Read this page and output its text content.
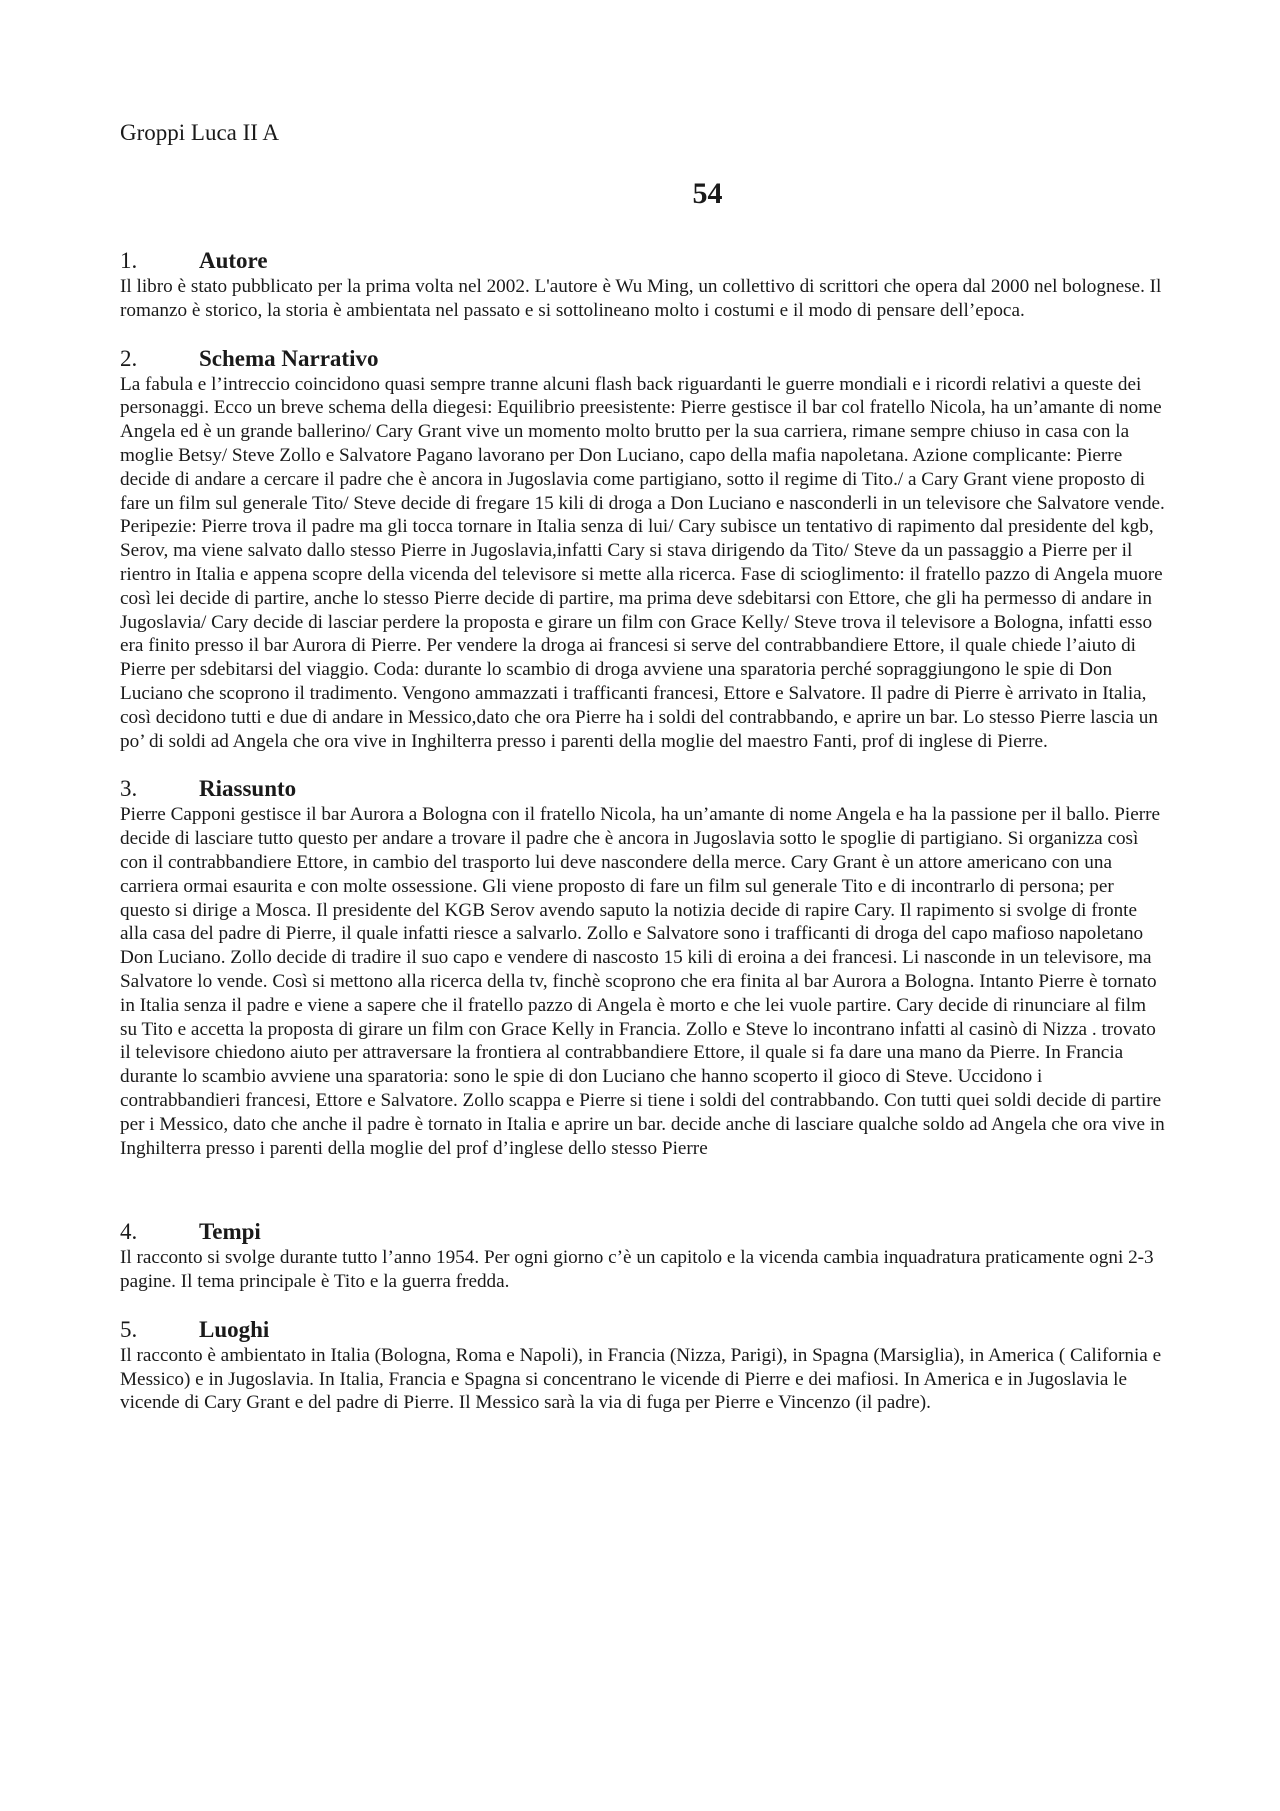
Groppi Luca II A

54

1.	Autore

Il libro è stato pubblicato per la prima volta nel 2002. L'autore è Wu Ming, un collettivo di scrittori che opera dal 2000 nel bolognese. Il romanzo è storico, la storia è ambientata nel passato e si sottolineano molto i costumi e il modo di pensare dell’epoca.

2.	Schema Narrativo

La fabula e l’intreccio coincidono quasi sempre tranne alcuni flash back riguardanti le guerre mondiali e i ricordi relativi a queste dei personaggi. Ecco un breve schema della diegesi: Equilibrio preesistente: Pierre gestisce il bar col fratello Nicola, ha un’amante di nome Angela ed è un grande ballerino/ Cary Grant vive un momento molto brutto per la sua carriera, rimane sempre chiuso in casa con la moglie Betsy/ Steve Zollo e Salvatore Pagano lavorano per Don Luciano, capo della mafia napoletana. Azione complicante: Pierre decide di andare a cercare il padre che è ancora in Jugoslavia come partigiano, sotto il regime di Tito./ a Cary Grant viene proposto di fare un film sul generale Tito/ Steve decide di fregare 15 kili di droga a Don Luciano e nasconderli in un televisore che Salvatore vende. Peripezie: Pierre trova il padre ma gli tocca tornare in Italia senza di lui/ Cary subisce un tentativo di rapimento dal presidente del kgb, Serov, ma viene salvato dallo stesso Pierre in Jugoslavia,infatti Cary si stava dirigendo da Tito/ Steve da un passaggio a Pierre per il rientro in Italia e appena scopre della vicenda del televisore si mette alla ricerca. Fase di scioglimento: il fratello pazzo di Angela muore così lei decide di partire, anche lo stesso Pierre decide di partire, ma prima deve sdebitarsi con Ettore, che gli ha permesso di andare in Jugoslavia/ Cary decide di lasciar perdere la proposta e girare un film con Grace Kelly/ Steve trova il televisore a Bologna, infatti esso era finito presso il bar Aurora di Pierre. Per vendere la droga ai francesi si serve del contrabbandiere Ettore, il quale chiede l’aiuto di Pierre per sdebitarsi del viaggio. Coda: durante lo scambio di droga avviene una sparatoria perché sopraggiungono le spie di Don Luciano che scoprono il tradimento. Vengono ammazzati i trafficanti francesi, Ettore e Salvatore. Il padre di Pierre è arrivato in Italia, così decidono tutti e due di andare in Messico,dato che ora Pierre ha i soldi del contrabbando, e aprire un bar. Lo stesso Pierre lascia un po’ di soldi ad Angela che ora vive in Inghilterra presso i parenti della moglie del maestro Fanti, prof di inglese di Pierre.

3.	Riassunto

Pierre Capponi gestisce il bar Aurora a Bologna con il fratello Nicola, ha un’amante di nome Angela e ha la passione per il ballo. Pierre decide di lasciare tutto questo per andare a trovare il padre che è ancora in Jugoslavia sotto le spoglie di partigiano. Si organizza così con il contrabbandiere Ettore, in cambio del trasporto lui deve nascondere della merce. Cary Grant è un attore americano con una carriera ormai esaurita e con molte ossessione. Gli viene proposto di fare un film sul generale Tito e di incontrarlo di persona; per questo si dirige a Mosca. Il presidente del KGB Serov avendo saputo la notizia decide di rapire Cary. Il rapimento si svolge di fronte alla casa del padre di Pierre, il quale infatti riesce a salvarlo. Zollo e Salvatore sono i trafficanti di droga del capo mafioso napoletano Don Luciano. Zollo decide di tradire il suo capo e vendere di nascosto 15 kili di eroina a dei francesi. Li nasconde in un televisore, ma Salvatore lo vende. Così si mettono alla ricerca della tv, finchè scoprono che era finita al bar Aurora a Bologna. Intanto Pierre è tornato in Italia senza il padre e viene a sapere che il fratello pazzo di Angela è morto e che lei vuole partire. Cary decide di rinunciare al film su Tito e accetta la proposta di girare un film con Grace Kelly in Francia. Zollo e Steve lo incontrano infatti al casinò di Nizza . trovato il televisore chiedono aiuto per attraversare la frontiera al contrabbandiere Ettore, il quale si fa dare una mano da Pierre. In Francia durante lo scambio avviene una sparatoria: sono le spie di don Luciano che hanno scoperto il gioco di Steve. Uccidono i contrabbandieri francesi, Ettore e Salvatore. Zollo scappa e Pierre si tiene i soldi del contrabbando. Con tutti quei soldi decide di partire per i Messico, dato che anche il padre è tornato in Italia e aprire un bar. decide anche di lasciare qualche soldo ad Angela che ora vive in Inghilterra presso i parenti della moglie del prof d’inglese dello stesso Pierre

4.	Tempi

Il racconto si svolge durante tutto l’anno 1954. Per ogni giorno c’è un capitolo e la vicenda cambia inquadratura praticamente ogni 2-3 pagine. Il tema principale è Tito e la guerra fredda.

5.	Luoghi

Il racconto è ambientato in Italia (Bologna, Roma e Napoli), in Francia (Nizza, Parigi), in Spagna (Marsiglia), in America ( California e Messico) e in Jugoslavia. In Italia, Francia e Spagna si concentrano le vicende di Pierre e dei mafiosi. In America e in Jugoslavia le vicende di Cary Grant e del padre di Pierre. Il Messico sarà la via di fuga per Pierre e Vincenzo (il padre).
